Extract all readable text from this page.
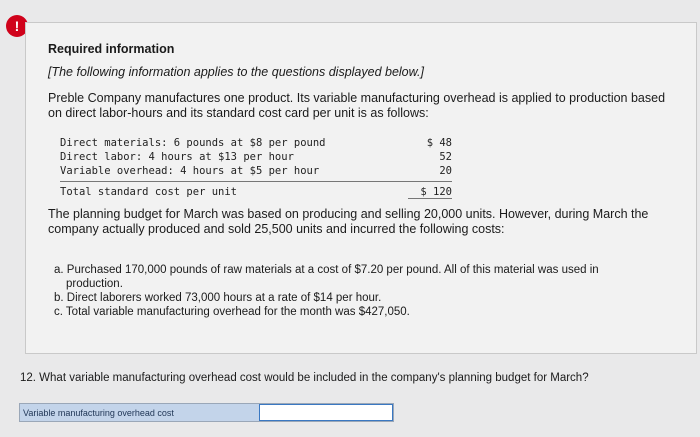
!
Required information
[The following information applies to the questions displayed below.]
Preble Company manufactures one product. Its variable manufacturing overhead is applied to production based on direct labor-hours and its standard cost card per unit is as follows:
Direct materials: 6 pounds at $8 per pound	$ 48
Direct labor: 4 hours at $13 per hour	52
Variable overhead: 4 hours at $5 per hour	20
Total standard cost per unit	$ 120
The planning budget for March was based on producing and selling 20,000 units. However, during March the company actually produced and sold 25,500 units and incurred the following costs:
a. Purchased 170,000 pounds of raw materials at a cost of $7.20 per pound. All of this material was used in production.
b. Direct laborers worked 73,000 hours at a rate of $14 per hour.
c. Total variable manufacturing overhead for the month was $427,050.
12. What variable manufacturing overhead cost would be included in the company's planning budget for March?
Variable manufacturing overhead cost
